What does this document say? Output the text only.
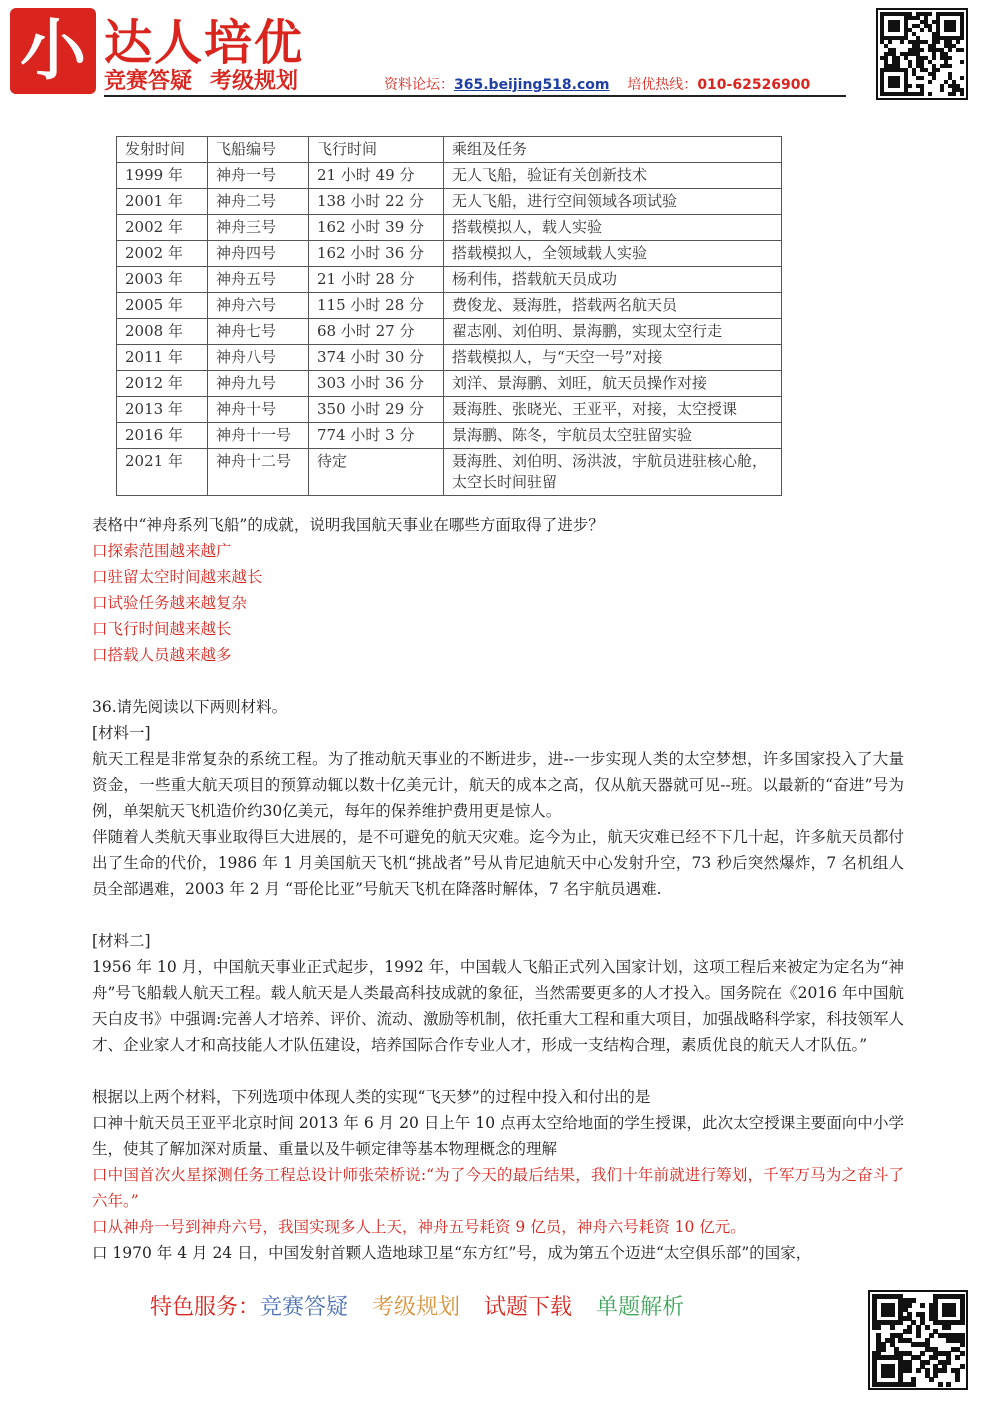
小 达人培优
竞赛答疑 考级规划	资料论坛：365.beijing518.com 培优热线：010-62526900
发射时间	飞船编号	飞行时间	乘组及任务
1999 年	神舟一号	21 小时 49 分	无人飞船，验证有关创新技术
2001 年	神舟二号	138 小时 22 分	无人飞船，进行空间领域各项试验
2002 年	神舟三号	162 小时 39 分	搭载模拟人，载人实验
2002 年	神舟四号	162 小时 36 分	搭载模拟人，全领域载人实验
2003 年	神舟五号	21 小时 28 分	杨利伟，搭载航天员成功
2005 年	神舟六号	115 小时 28 分	费俊龙、聂海胜，搭载两名航天员
2008 年	神舟七号	68 小时 27 分	翟志刚、刘伯明、景海鹏，实现太空行走
2011 年	神舟八号	374 小时 30 分	搭载模拟人，与“天空一号”对接
2012 年	神舟九号	303 小时 36 分	刘洋、景海鹏、刘旺，航天员操作对接
2013 年	神舟十号	350 小时 29 分	聂海胜、张晓光、王亚平，对接，太空授课
2016 年	神舟十一号	774 小时 3 分	景海鹏、陈冬，宇航员太空驻留实验
2021 年	神舟十二号	待定	聂海胜、刘伯明、汤洪波，宇航员进驻核心舱，太空长时间驻留
表格中“神舟系列飞船”的成就，说明我国航天事业在哪些方面取得了进步？
口探索范围越来越广
口驻留太空时间越来越长
口试验任务越来越复杂
口飞行时间越来越长
口搭载人员越来越多
36.请先阅读以下两则材料。
[材料一]
航天工程是非常复杂的系统工程。为了推动航天事业的不断进步，进--一步实现人类的太空梦想，许多国家投入了大量资金，一些重大航天项目的预算动辄以数十亿美元计，航天的成本之高，仅从航天器就可见--班。以最新的“奋进”号为例，单架航天飞机造价约30亿美元，每年的保养维护费用更是惊人。
伴随着人类航天事业取得巨大进展的，是不可避免的航天灾难。迄今为止，航天灾难已经不下几十起，许多航天员都付出了生命的代价，1986 年 1 月美国航天飞机“挑战者”号从肯尼迪航天中心发射升空，73 秒后突然爆炸，7 名机组人员全部遇难，2003 年 2 月 “哥伦比亚”号航天飞机在降落时解体，7 名宇航员遇难.
[材料二]
1956 年 10 月，中国航天事业正式起步，1992 年，中国载人飞船正式列入国家计划，这项工程后来被定为定名为“神舟”号飞船载人航天工程。载人航天是人类最高科技成就的象征，当然需要更多的人才投入。国务院在《2016 年中国航天白皮书》中强调:完善人才培养、评价、流动、激励等机制，依托重大工程和重大项目，加强战略科学家，科技领军人才、企业家人才和高技能人才队伍建设，培养国际合作专业人才，形成一支结构合理，素质优良的航天人才队伍。”
根据以上两个材料，下列选项中体现人类的实现“飞天梦”的过程中投入和付出的是
口神十航天员王亚平北京时间 2013 年 6 月 20 日上午 10 点再太空给地面的学生授课，此次太空授课主要面向中小学生，使其了解加深对质量、重量以及牛顿定律等基本物理概念的理解
口中国首次火星探测任务工程总设计师张荣桥说:“为了今天的最后结果，我们十年前就进行筹划，千军万马为之奋斗了六年。”
口从神舟一号到神舟六号，我国实现多人上天，神舟五号耗资 9 亿员，神舟六号耗资 10 亿元。
口 1970 年 4 月 24 日，中国发射首颗人造地球卫星“东方红”号，成为第五个迈进“太空俱乐部”的国家，
特色服务：竞赛答疑 考级规划 试题下载 单题解析
